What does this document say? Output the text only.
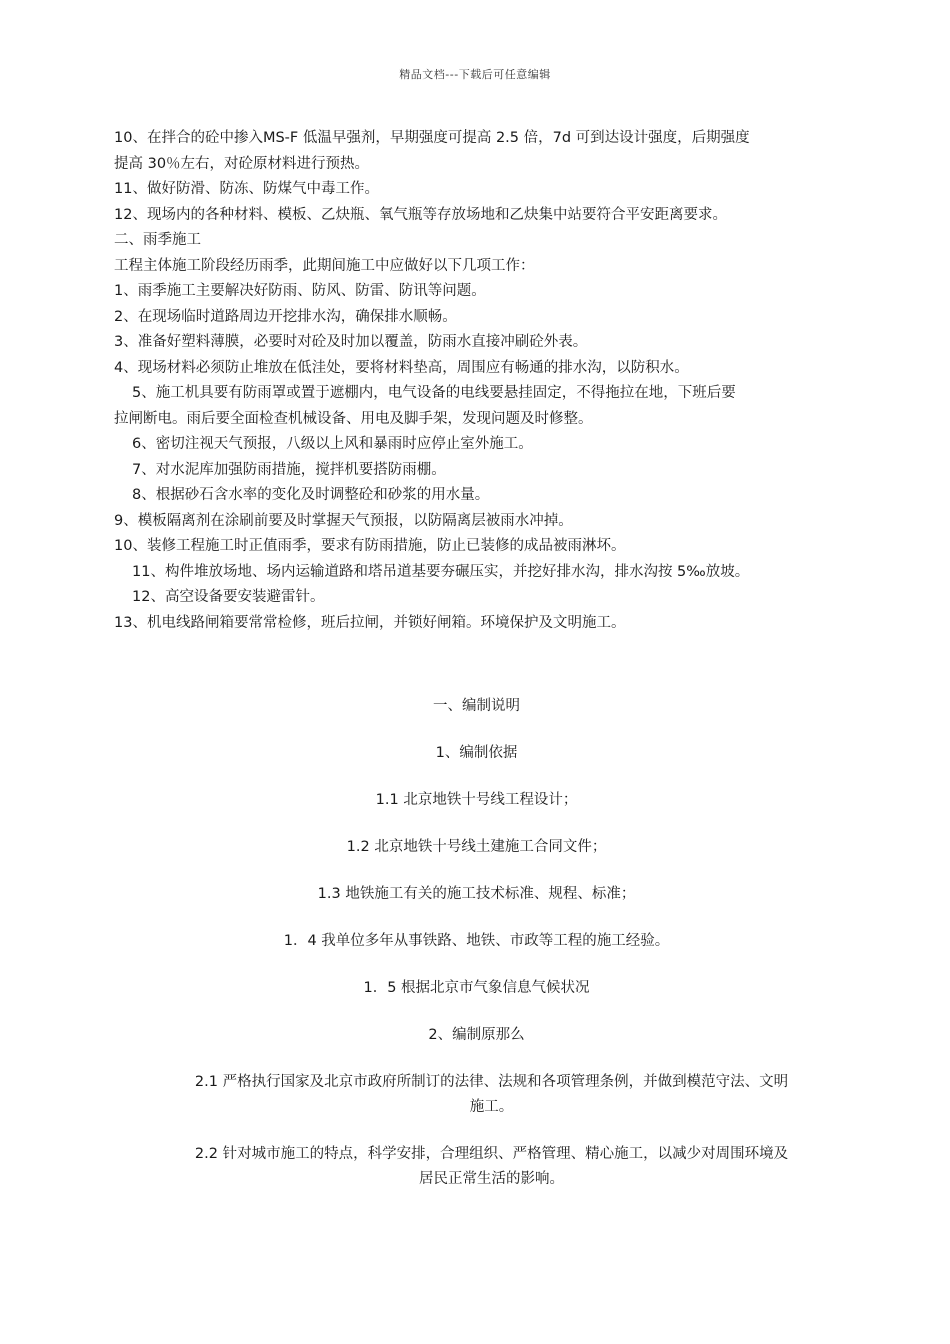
精品文档---下载后可任意编辑

10、在拌合的砼中掺入MS-F 低温早强剂，早期强度可提高 2.5 倍，7d 可到达设计强度，后期强度

提高 30％左右，对砼原材料进行预热。

11、做好防滑、防冻、防煤气中毒工作。

12、现场内的各种材料、模板、乙炔瓶、氧气瓶等存放场地和乙炔集中站要符合平安距离要求。

二、雨季施工

工程主体施工阶段经历雨季，此期间施工中应做好以下几项工作：

1、雨季施工主要解决好防雨、防风、防雷、防讯等问题。

2、在现场临时道路周边开挖排水沟，确保排水顺畅。

3、准备好塑料薄膜，必要时对砼及时加以覆盖，防雨水直接冲刷砼外表。

4、现场材料必须防止堆放在低洼处，要将材料垫高，周围应有畅通的排水沟，以防积水。

5、施工机具要有防雨罩或置于遮棚内，电气设备的电线要悬挂固定，不得拖拉在地，下班后要

拉闸断电。雨后要全面检查机械设备、用电及脚手架，发现问题及时修整。

6、密切注视天气预报，八级以上风和暴雨时应停止室外施工。

7、对水泥库加强防雨措施，搅拌机要搭防雨棚。

8、根据砂石含水率的变化及时调整砼和砂浆的用水量。

9、模板隔离剂在涂刷前要及时掌握天气预报，以防隔离层被雨水冲掉。

10、装修工程施工时正值雨季，要求有防雨措施，防止已装修的成品被雨淋坏。

11、构件堆放场地、场内运输道路和塔吊道基要夯碾压实，并挖好排水沟，排水沟按 5‰放坡。

12、高空设备要安装避雷针。

13、机电线路闸箱要常常检修，班后拉闸，并锁好闸箱。环境保护及文明施工。

一、编制说明

1、编制依据

1.1 北京地铁十号线工程设计；

1.2 北京地铁十号线土建施工合同文件；

1.3 地铁施工有关的施工技术标准、规程、标准；

1．4 我单位多年从事铁路、地铁、市政等工程的施工经验。

1．5 根据北京市气象信息气候状况

2、编制原那么

2.1 严格执行国家及北京市政府所制订的法律、法规和各项管理条例，并做到模范守法、文明
施工。

2.2 针对城市施工的特点，科学安排，合理组织、严格管理、精心施工，以减少对周围环境及
居民正常生活的影响。
